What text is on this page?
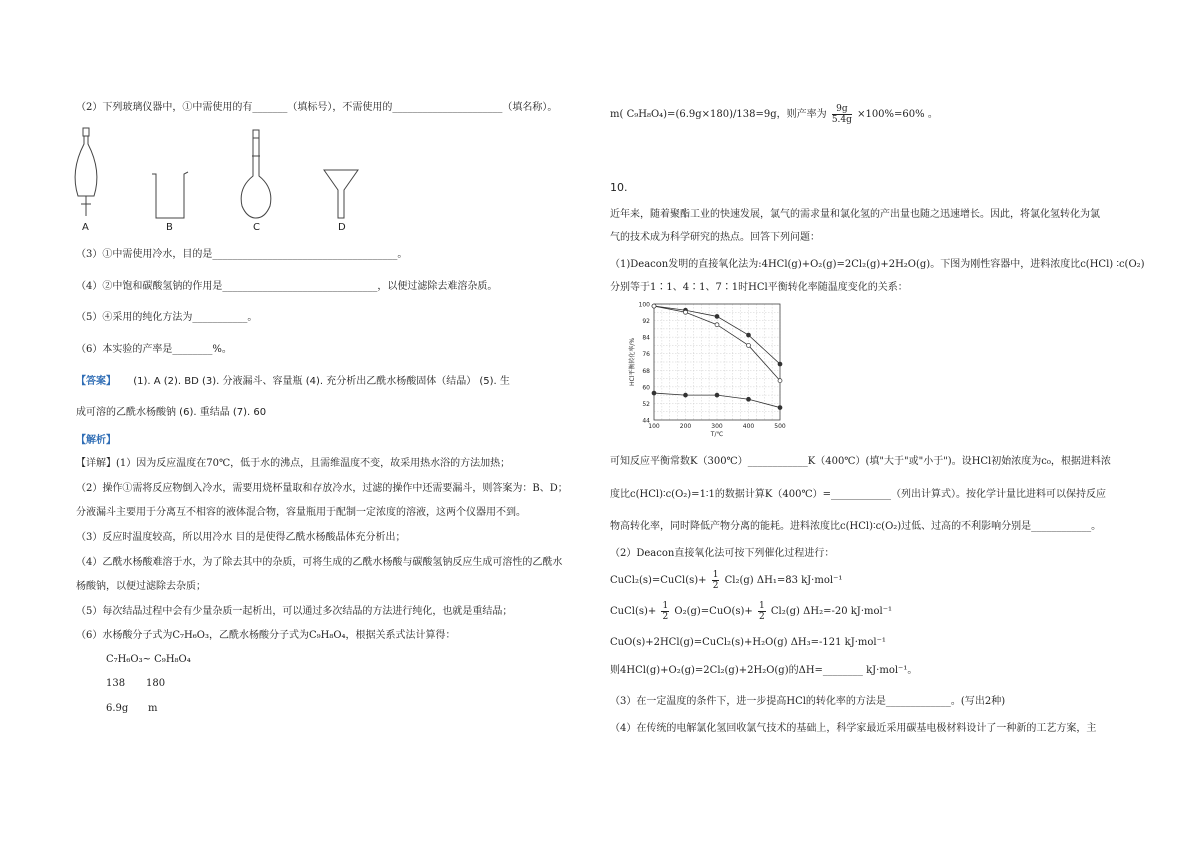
（2）下列玻璃仪器中，①中需使用的有_______（填标号），不需使用的______________________（填名称）。
A	B	C	D
（3）①中需使用冷水，目的是_____________________________________。
（4）②中饱和碳酸氢钠的作用是_______________________________，以便过滤除去难溶杂质。
（5）④采用的纯化方法为___________。
（6）本实验的产率是________%。
【答案】 (1). A (2). BD (3). 分液漏斗、容量瓶 (4). 充分析出乙酰水杨酸固体（结晶） (5). 生
成可溶的乙酰水杨酸钠 (6). 重结晶 (7). 60
【解析】
【详解】(1）因为反应温度在70℃，低于水的沸点，且需维温度不变，故采用热水浴的方法加热；
（2）操作①需将反应物倒入冷水，需要用烧杯量取和存放冷水，过滤的操作中还需要漏斗，则答案为：B、D；
分液漏斗主要用于分离互不相容的液体混合物，容量瓶用于配制一定浓度的溶液，这两个仪器用不到。
（3）反应时温度较高，所以用冷水 目的是使得乙酰水杨酸晶体充分析出；
（4）乙酰水杨酸难溶于水，为了除去其中的杂质，可将生成的乙酰水杨酸与碳酸氢钠反应生成可溶性的乙酰水
杨酸钠，以便过滤除去杂质；
（5）每次结晶过程中会有少量杂质一起析出，可以通过多次结晶的方法进行纯化，也就是重结晶；
（6）水杨酸分子式为C₇H₆O₃，乙酰水杨酸分子式为C₉H₈O₄，根据关系式法计算得：
C₇H₆O₃~ C₉H₈O₄
138 180
6.9g m
m( C₉H₈O₄)=(6.9g×180)/138=9g，则产率为 $\frac{9g}{5.4g} \times 100\%=60\%$ 。
10.
近年来，随着聚酯工业的快速发展，氯气的需求量和氯化氢的产出量也随之迅速增长。因此，将氯化氢转化为氯
气的技术成为科学研究的热点。回答下列问题：
（1)Deacon发明的直接氧化法为:4HCl(g)+O₂(g)=2Cl₂(g)+2H₂O(g)。下图为刚性容器中，进料浓度比c(HCl) ∶c(O₂)
分别等于1∶1、4∶1、7∶1时HCl平衡转化率随温度变化的关系：
44
52
60
68
76
84
92
100
100	200	300	400	500
T/℃
HCl平衡转化率/%
可知反应平衡常数K（300℃）____________K（400℃）(填"大于"或"小于")。设HCl初始浓度为c₀，根据进料浓
度比c(HCl)∶c(O₂)=1∶1的数据计算K（400℃）=____________（列出计算式）。按化学计量比进料可以保持反应
物高转化率，同时降低产物分离的能耗。进料浓度比c(HCl)∶c(O₂)过低、过高的不利影响分别是____________。
（2）Deacon直接氧化法可按下列催化过程进行：
CuCl₂(s)=CuCl(s)+ $\frac{1}{2} Cl_2(g)$ ΔH₁=83 kJ·mol⁻¹
CuCl(s)+ $\frac{1}{2} O_2(g)=CuO(s)+ \frac{1}{2} Cl_2(g)$ ΔH₂=-20 kJ·mol⁻¹
CuO(s)+2HCl(g)=CuCl₂(s)+H₂O(g) ΔH₃=-121 kJ·mol⁻¹
则4HCl(g)+O₂(g)=2Cl₂(g)+2H₂O(g)的ΔH=________ kJ·mol⁻¹。
（3）在一定温度的条件下，进一步提高HCl的转化率的方法是_____________。(写出2种)
（4）在传统的电解氯化氢回收氯气技术的基础上，科学家最近采用碳基电极材料设计了一种新的工艺方案，主
